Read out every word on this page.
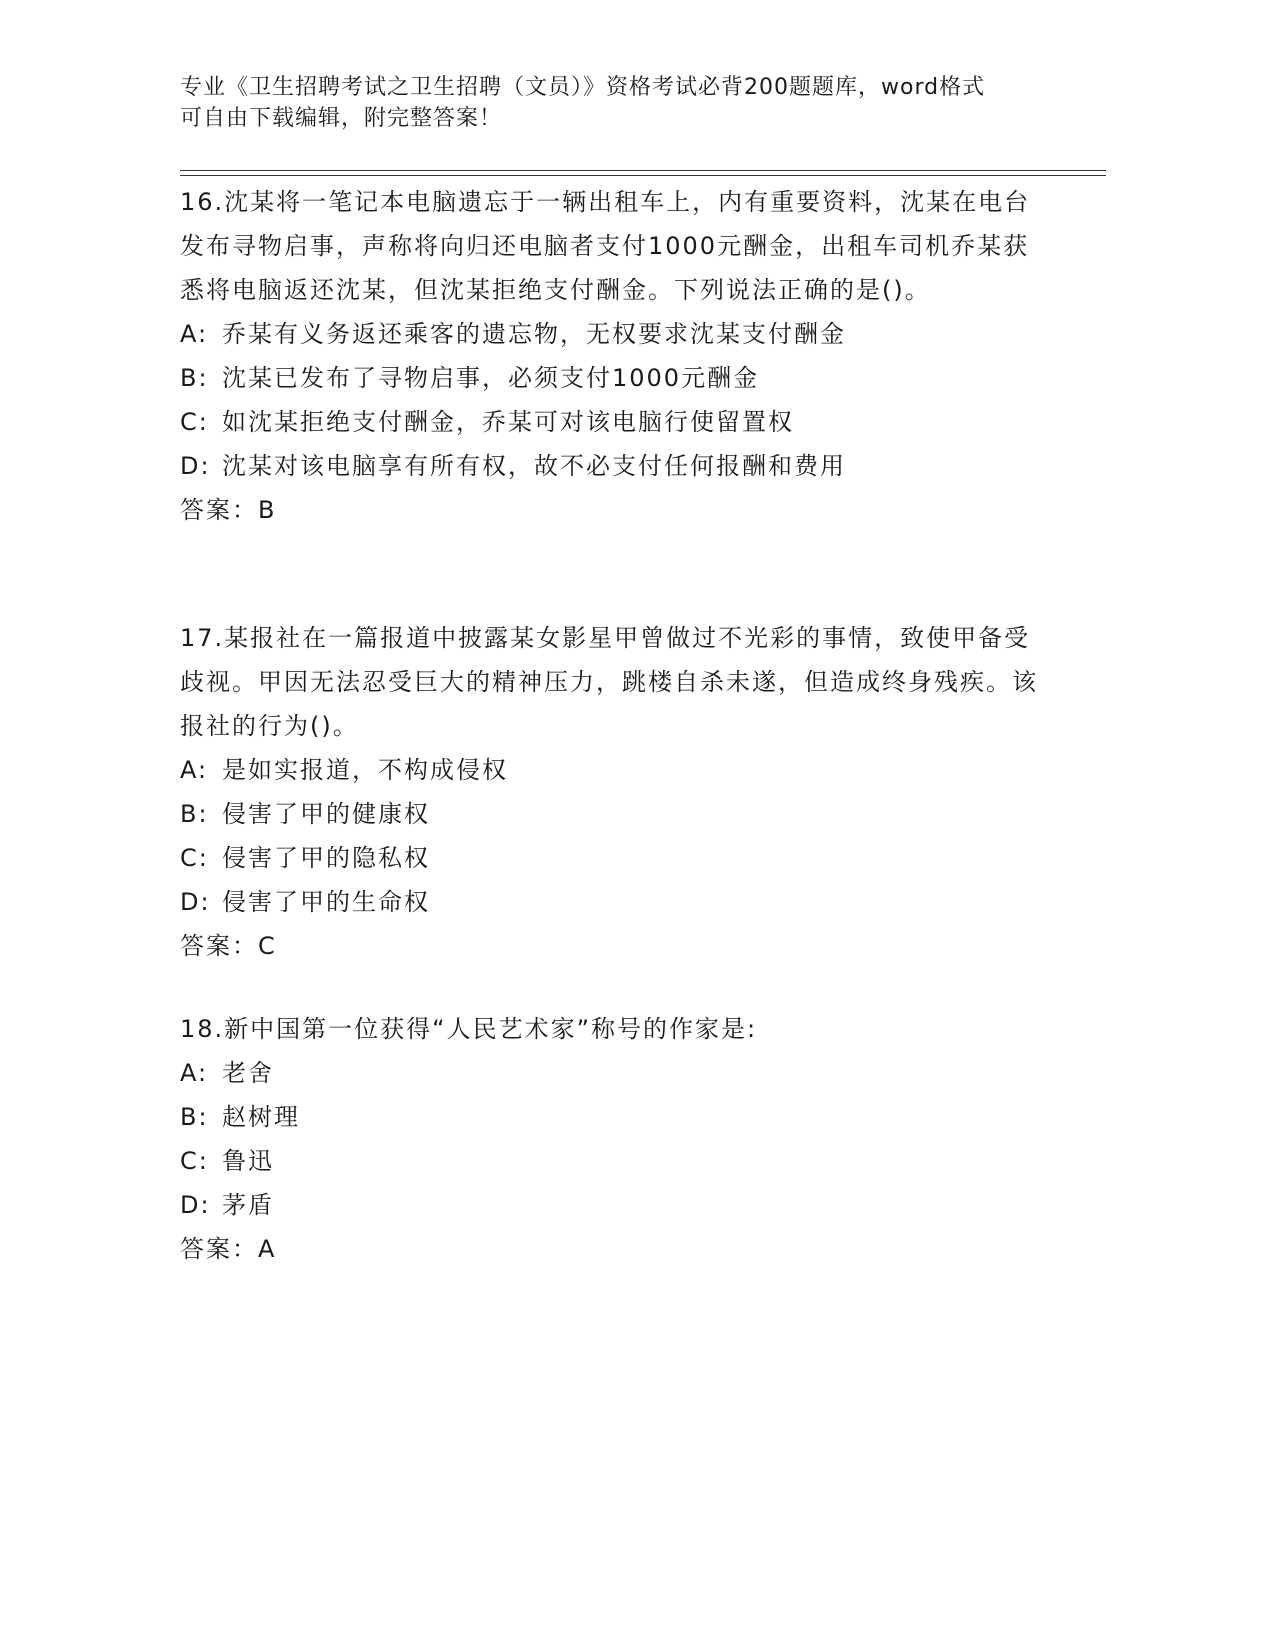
专业《卫生招聘考试之卫生招聘（文员）》资格考试必背200题题库，word格式
可自由下载编辑，附完整答案！

16.沈某将一笔记本电脑遗忘于一辆出租车上，内有重要资料，沈某在电台发布寻物启事，声称将向归还电脑者支付1000元酬金，出租车司机乔某获悉将电脑返还沈某，但沈某拒绝支付酬金。下列说法正确的是()。

A: 乔某有义务返还乘客的遗忘物，无权要求沈某支付酬金
B: 沈某已发布了寻物启事，必须支付1000元酬金
C: 如沈某拒绝支付酬金，乔某可对该电脑行使留置权
D: 沈某对该电脑享有所有权，故不必支付任何报酬和费用
答案：B

17.某报社在一篇报道中披露某女影星甲曾做过不光彩的事情，致使甲备受歧视。甲因无法忍受巨大的精神压力，跳楼自杀未遂，但造成终身残疾。该报社的行为()。

A: 是如实报道，不构成侵权
B: 侵害了甲的健康权
C: 侵害了甲的隐私权
D: 侵害了甲的生命权
答案：C

18.新中国第一位获得“人民艺术家”称号的作家是:

A: 老舍
B: 赵树理
C: 鲁迅
D: 茅盾
答案：A
